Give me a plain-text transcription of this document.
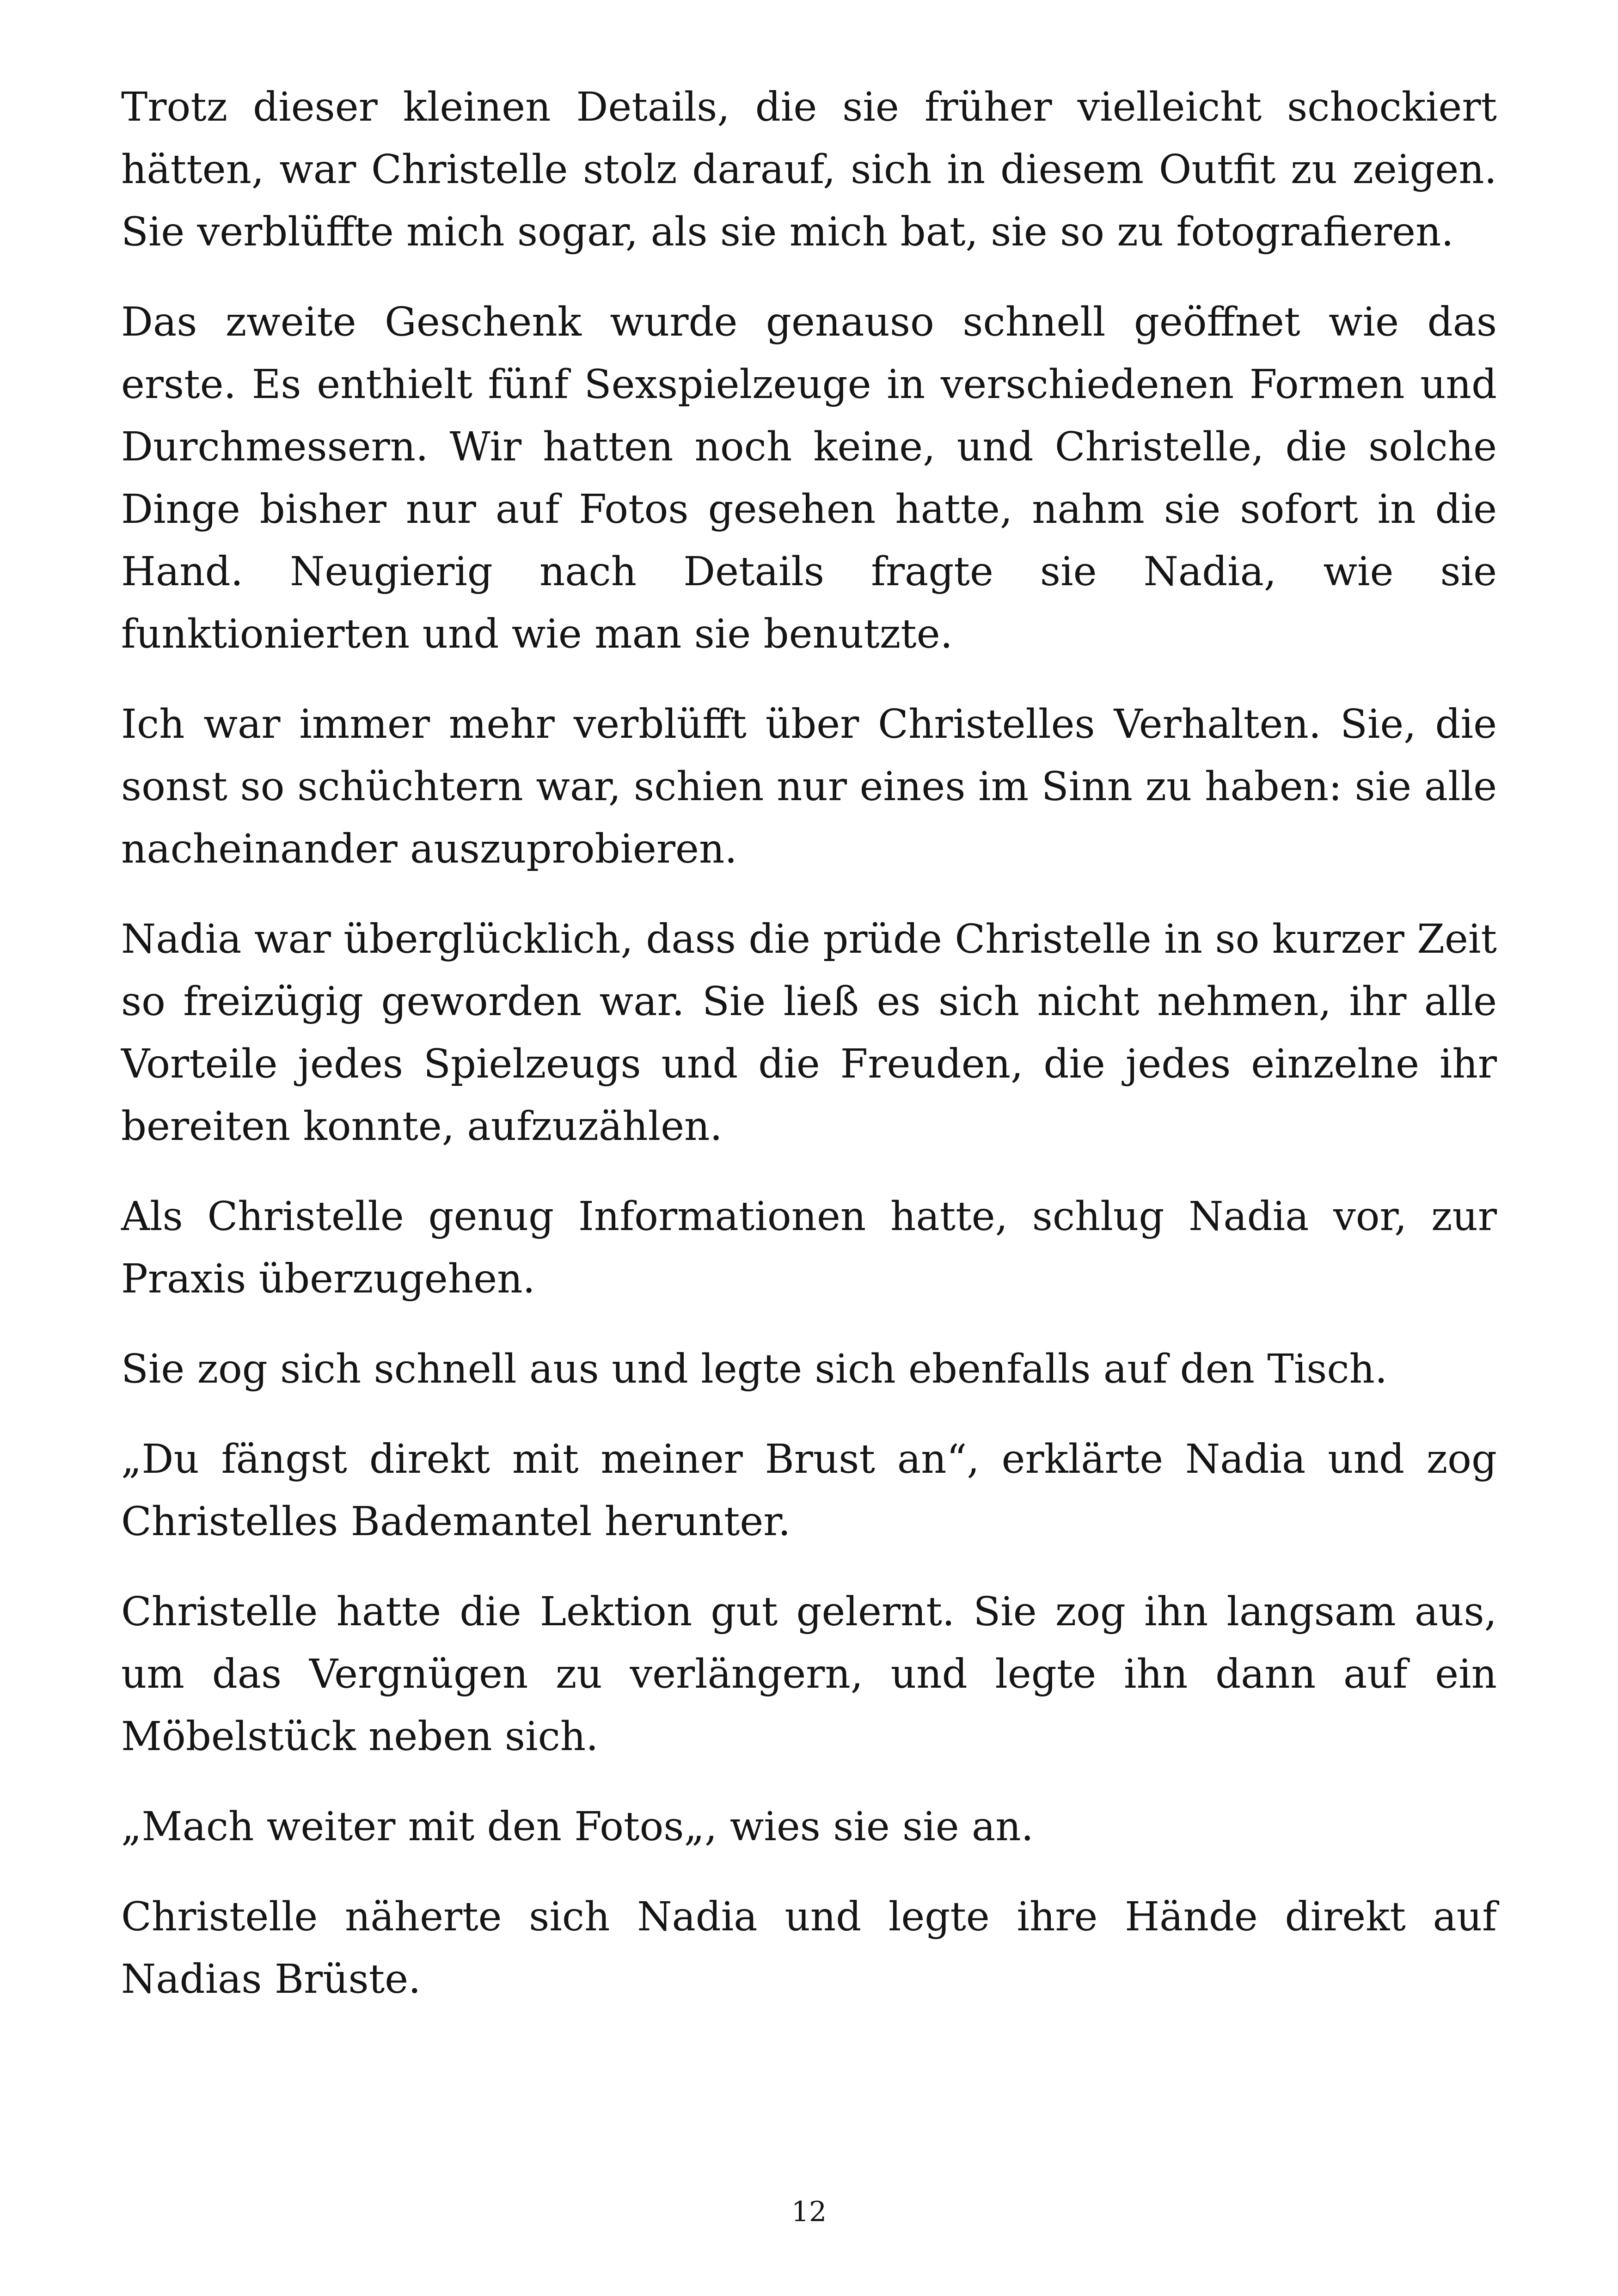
Trotz dieser kleinen Details, die sie früher vielleicht schockiert hätten, war Christelle stolz darauf, sich in diesem Outfit zu zeigen. Sie verblüffte mich sogar, als sie mich bat, sie so zu fotografieren.

Das zweite Geschenk wurde genauso schnell geöffnet wie das erste. Es enthielt fünf Sexspielzeuge in verschiedenen Formen und Durchmessern. Wir hatten noch keine, und Christelle, die solche Dinge bisher nur auf Fotos gesehen hatte, nahm sie sofort in die Hand. Neugierig nach Details fragte sie Nadia, wie sie funktionierten und wie man sie benutzte.

Ich war immer mehr verblüfft über Christelles Verhalten. Sie, die sonst so schüchtern war, schien nur eines im Sinn zu haben: sie alle nacheinander auszuprobieren.

Nadia war überglücklich, dass die prüde Christelle in so kurzer Zeit so freizügig geworden war. Sie ließ es sich nicht nehmen, ihr alle Vorteile jedes Spielzeugs und die Freuden, die jedes einzelne ihr bereiten konnte, aufzuzählen.

Als Christelle genug Informationen hatte, schlug Nadia vor, zur Praxis überzugehen.

Sie zog sich schnell aus und legte sich ebenfalls auf den Tisch.

„Du fängst direkt mit meiner Brust an“, erklärte Nadia und zog Christelles Bademantel herunter.

Christelle hatte die Lektion gut gelernt. Sie zog ihn langsam aus, um das Vergnügen zu verlängern, und legte ihn dann auf ein Möbelstück neben sich.

„Mach weiter mit den Fotos„, wies sie sie an.

Christelle näherte sich Nadia und legte ihre Hände direkt auf Nadias Brüste.

12
